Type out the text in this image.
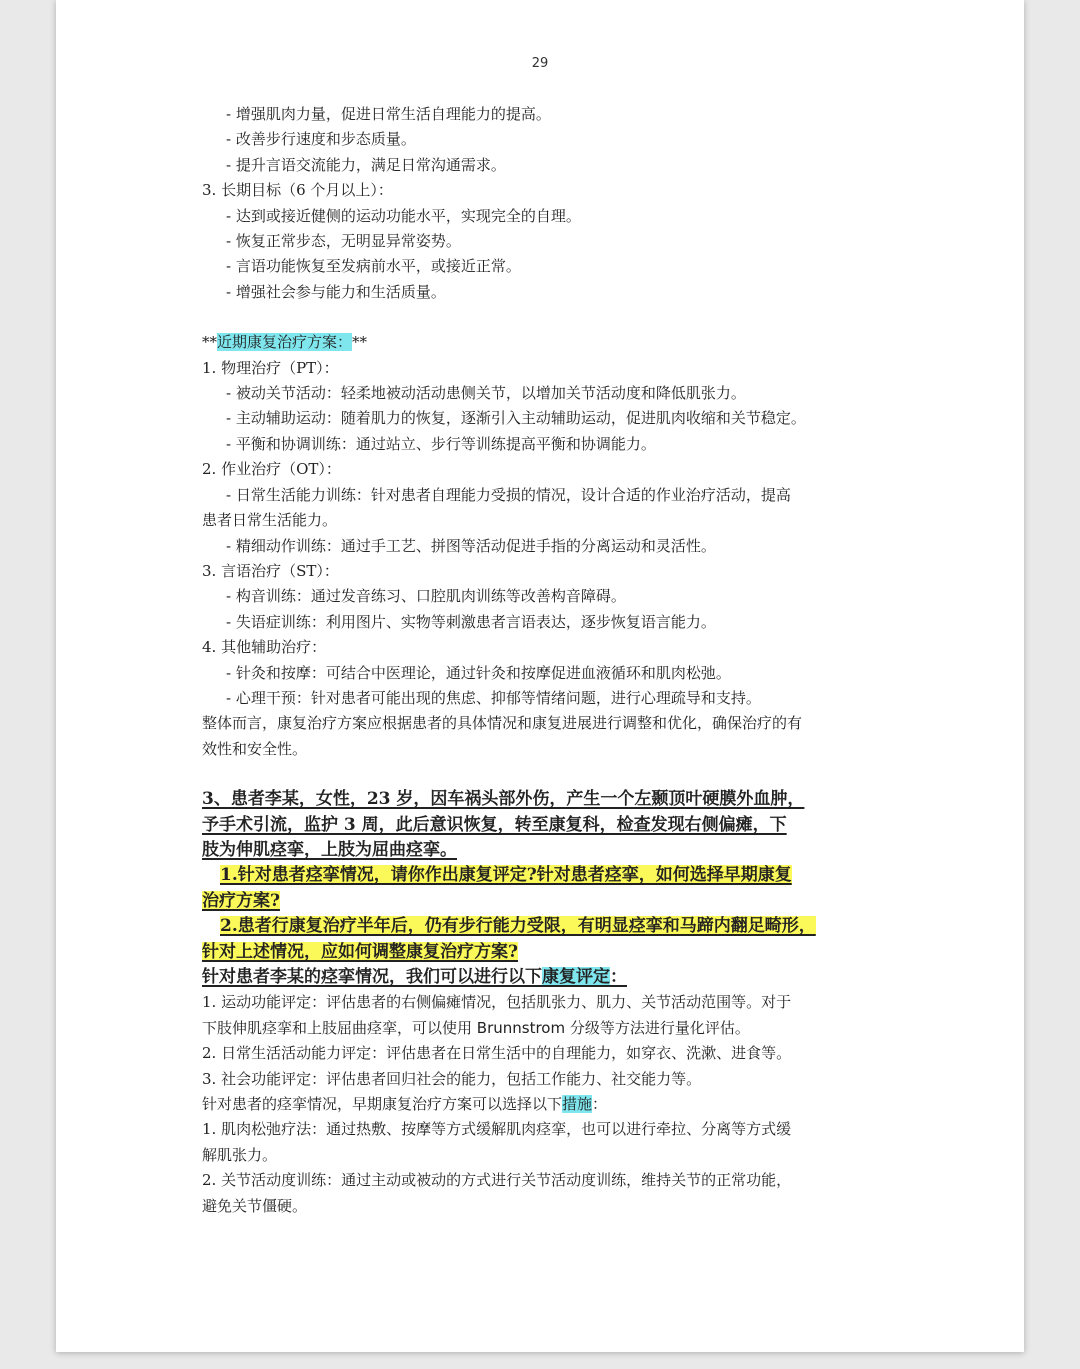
29
- 增强肌肉力量，促进日常生活自理能力的提高。
- 改善步行速度和步态质量。
- 提升言语交流能力，满足日常沟通需求。
3. 长期目标（6 个月以上）：
- 达到或接近健侧的运动功能水平，实现完全的自理。
- 恢复正常步态，无明显异常姿势。
- 言语功能恢复至发病前水平，或接近正常。
- 增强社会参与能力和生活质量。
**近期康复治疗方案：**
1. 物理治疗（PT）：
- 被动关节活动：轻柔地被动活动患侧关节，以增加关节活动度和降低肌张力。
- 主动辅助运动：随着肌力的恢复，逐渐引入主动辅助运动，促进肌肉收缩和关节稳定。
- 平衡和协调训练：通过站立、步行等训练提高平衡和协调能力。
2. 作业治疗（OT）：
- 日常生活能力训练：针对患者自理能力受损的情况，设计合适的作业治疗活动，提高
患者日常生活能力。
- 精细动作训练：通过手工艺、拼图等活动促进手指的分离运动和灵活性。
3. 言语治疗（ST）：
- 构音训练：通过发音练习、口腔肌肉训练等改善构音障碍。
- 失语症训练：利用图片、实物等刺激患者言语表达，逐步恢复语言能力。
4. 其他辅助治疗：
- 针灸和按摩：可结合中医理论，通过针灸和按摩促进血液循环和肌肉松弛。
- 心理干预：针对患者可能出现的焦虑、抑郁等情绪问题，进行心理疏导和支持。
整体而言，康复治疗方案应根据患者的具体情况和康复进展进行调整和优化，确保治疗的有
效性和安全性。
3、患者李某，女性，23 岁，因车祸头部外伤，产生一个左颞顶叶硬膜外血肿，
予手术引流，监护 3 周，此后意识恢复，转至康复科，检查发现右侧偏瘫，下
肢为伸肌痉挛，上肢为屈曲痉挛。
1.针对患者痉挛情况，请你作出康复评定?针对患者痉挛，如何选择早期康复
治疗方案?
2.患者行康复治疗半年后，仍有步行能力受限，有明显痉挛和马蹄内翻足畸形，
针对上述情况，应如何调整康复治疗方案?
针对患者李某的痉挛情况，我们可以进行以下康复评定：
1. 运动功能评定：评估患者的右侧偏瘫情况，包括肌张力、肌力、关节活动范围等。对于
下肢伸肌痉挛和上肢屈曲痉挛，可以使用 Brunnstrom 分级等方法进行量化评估。
2. 日常生活活动能力评定：评估患者在日常生活中的自理能力，如穿衣、洗漱、进食等。
3. 社会功能评定：评估患者回归社会的能力，包括工作能力、社交能力等。
针对患者的痉挛情况，早期康复治疗方案可以选择以下措施：
1. 肌肉松弛疗法：通过热敷、按摩等方式缓解肌肉痉挛，也可以进行牵拉、分离等方式缓
解肌张力。
2. 关节活动度训练：通过主动或被动的方式进行关节活动度训练，维持关节的正常功能，
避免关节僵硬。
